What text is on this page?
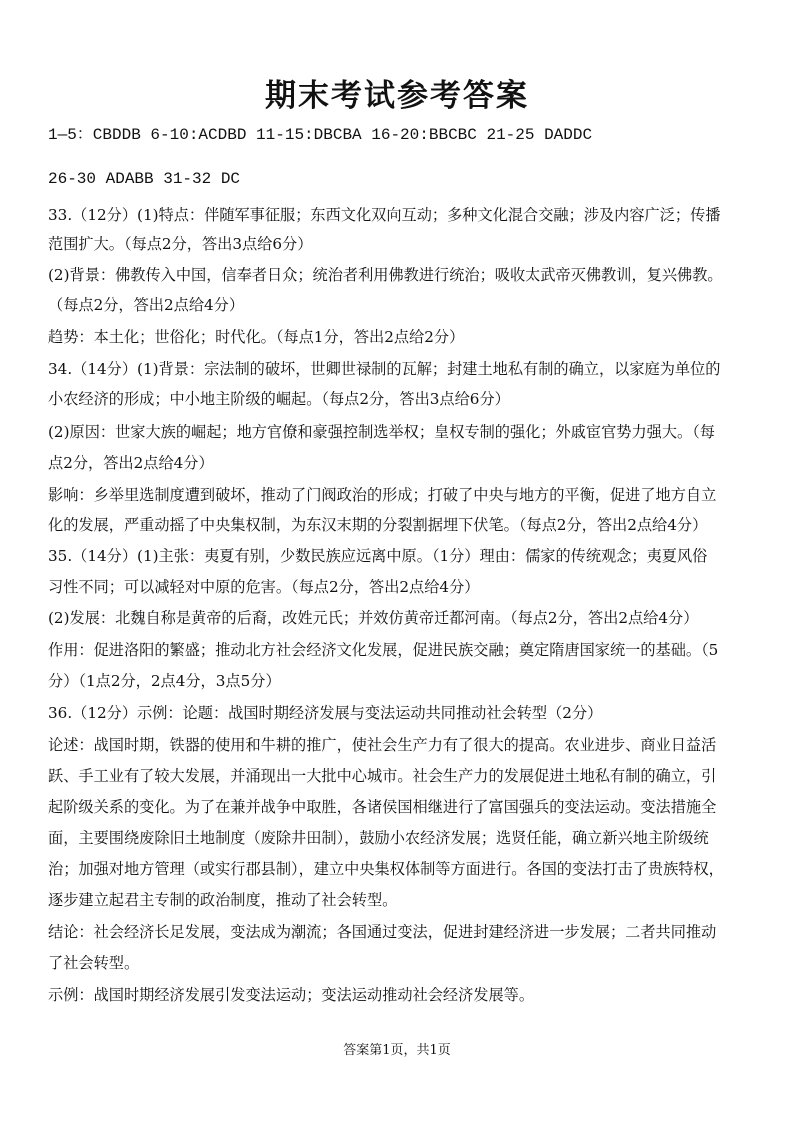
期末考试参考答案
1—5：CBDDB 6-10:ACDBD 11-15:DBCBA 16-20:BBCBC 21-25 DADDC
26-30 ADABB 31-32 DC
33.（12分）(1)特点：伴随军事征服；东西文化双向互动；多种文化混合交融；涉及内容广泛；传播
范围扩大。（每点2分，答出3点给6分）
(2)背景：佛教传入中国，信奉者日众；统治者利用佛教进行统治；吸收太武帝灭佛教训，复兴佛教。
（每点2分，答出2点给4分）
趋势：本土化；世俗化；时代化。（每点1分，答出2点给2分）
34.（14分）(1)背景：宗法制的破坏，世卿世禄制的瓦解；封建土地私有制的确立，以家庭为单位的
小农经济的形成；中小地主阶级的崛起。（每点2分，答出3点给6分）
(2)原因：世家大族的崛起；地方官僚和豪强控制选举权；皇权专制的强化；外戚宦官势力强大。（每
点2分，答出2点给4分）
影响：乡举里选制度遭到破坏，推动了门阀政治的形成；打破了中央与地方的平衡，促进了地方自立
化的发展，严重动摇了中央集权制，为东汉末期的分裂割据埋下伏笔。（每点2分，答出2点给4分）
35.（14分）(1)主张：夷夏有别，少数民族应远离中原。（1分）理由：儒家的传统观念；夷夏风俗
习性不同；可以减轻对中原的危害。（每点2分，答出2点给4分）
(2)发展：北魏自称是黄帝的后裔，改姓元氏；并效仿黄帝迁都河南。（每点2分，答出2点给4分）
作用：促进洛阳的繁盛；推动北方社会经济文化发展，促进民族交融；奠定隋唐国家统一的基础。（5
分）（1点2分，2点4分，3点5分）
36.（12分）示例：论题：战国时期经济发展与变法运动共同推动社会转型（2分）
论述：战国时期，铁器的使用和牛耕的推广，使社会生产力有了很大的提高。农业进步、商业日益活
跃、手工业有了较大发展，并涌现出一大批中心城市。社会生产力的发展促进土地私有制的确立，引
起阶级关系的变化。为了在兼并战争中取胜，各诸侯国相继进行了富国强兵的变法运动。变法措施全
面，主要围绕废除旧土地制度（废除井田制），鼓励小农经济发展；选贤任能，确立新兴地主阶级统
治；加强对地方管理（或实行郡县制），建立中央集权体制等方面进行。各国的变法打击了贵族特权，
逐步建立起君主专制的政治制度，推动了社会转型。
结论：社会经济长足发展，变法成为潮流；各国通过变法，促进封建经济进一步发展；二者共同推动
了社会转型。
示例：战国时期经济发展引发变法运动；变法运动推动社会经济发展等。
答案第1页，共1页
